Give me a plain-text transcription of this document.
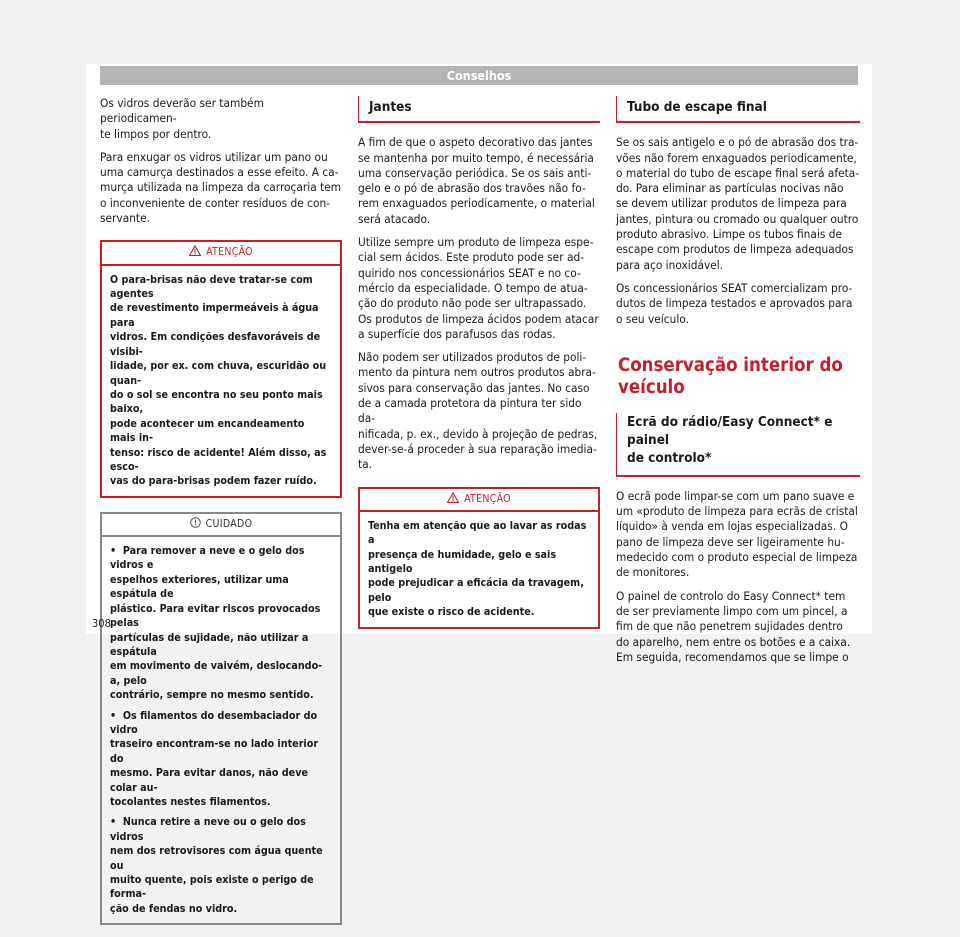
Conselhos

Os vidros deverão ser também periodicamen-
te limpos por dentro.

Para enxugar os vidros utilizar um pano ou
uma camurça destinados a esse efeito. A ca-
murça utilizada na limpeza da carroçaria tem
o inconveniente de conter resíduos de con-
servante.

ATENÇÃO
O para-brisas não deve tratar-se com agentes
de revestimento impermeáveis à água para
vidros. Em condições desfavoráveis de visibi-
lidade, por ex. com chuva, escuridão ou quan-
do o sol se encontra no seu ponto mais baixo,
pode acontecer um encandeamento mais in-
tenso: risco de acidente! Além disso, as esco-
vas do para-brisas podem fazer ruído.
CUIDADO
•  Para remover a neve e o gelo dos vidros e
espelhos exteriores, utilizar uma espátula de
plástico. Para evitar riscos provocados pelas
partículas de sujidade, não utilizar a espátula
em movimento de vaivém, deslocando-a, pelo
contrário, sempre no mesmo sentido.
•  Os filamentos do desembaciador do vidro
traseiro encontram-se no lado interior do
mesmo. Para evitar danos, não deve colar au-
tocolantes nestes filamentos.
•  Nunca retire a neve ou o gelo dos vidros
nem dos retrovisores com água quente ou
muito quente, pois existe o perigo de forma-
ção de fendas no vidro.
Jantes

A fim de que o aspeto decorativo das jantes
se mantenha por muito tempo, é necessária
uma conservação periódica. Se os sais anti-
gelo e o pó de abrasão dos travões não fo-
rem enxaguados periodicamente, o material
será atacado.

Utilize sempre um produto de limpeza espe-
cial sem ácidos. Este produto pode ser ad-
quirido nos concessionários SEAT e no co-
mércio da especialidade. O tempo de atua-
ção do produto não pode ser ultrapassado.
Os produtos de limpeza ácidos podem atacar
a superfície dos parafusos das rodas.

Não podem ser utilizados produtos de poli-
mento da pintura nem outros produtos abra-
sivos para conservação das jantes. No caso
de a camada protetora da pintura ter sido da-
nificada, p. ex., devido à projeção de pedras,
dever-se-á proceder à sua reparação imedia-
ta.

ATENÇÃO
Tenha em atenção que ao lavar as rodas a
presença de humidade, gelo e sais antigelo
pode prejudicar a eficácia da travagem, pelo
que existe o risco de acidente.
Tubo de escape final

Se os sais antigelo e o pó de abrasão dos tra-
vões não forem enxaguados periodicamente,
o material do tubo de escape final será afeta-
do. Para eliminar as partículas nocivas não
se devem utilizar produtos de limpeza para
jantes, pintura ou cromado ou qualquer outro
produto abrasivo. Limpe os tubos finais de
escape com produtos de limpeza adequados
para aço inoxidável.

Os concessionários SEAT comercializam pro-
dutos de limpeza testados e aprovados para
o seu veículo.

Conservação interior do veículo
Ecrã do rádio/Easy Connect* e painel
de controlo*

O ecrã pode limpar-se com um pano suave e
um «produto de limpeza para ecrãs de cristal
líquido» à venda em lojas especializadas. O
pano de limpeza deve ser ligeiramente hu-
medecido com o produto especial de limpeza
de monitores.

O painel de controlo do Easy Connect* tem
de ser previamente limpo com um pincel, a
fim de que não penetrem sujidades dentro
do aparelho, nem entre os botões e a caixa.
Em seguida, recomendamos que se limpe o

308
